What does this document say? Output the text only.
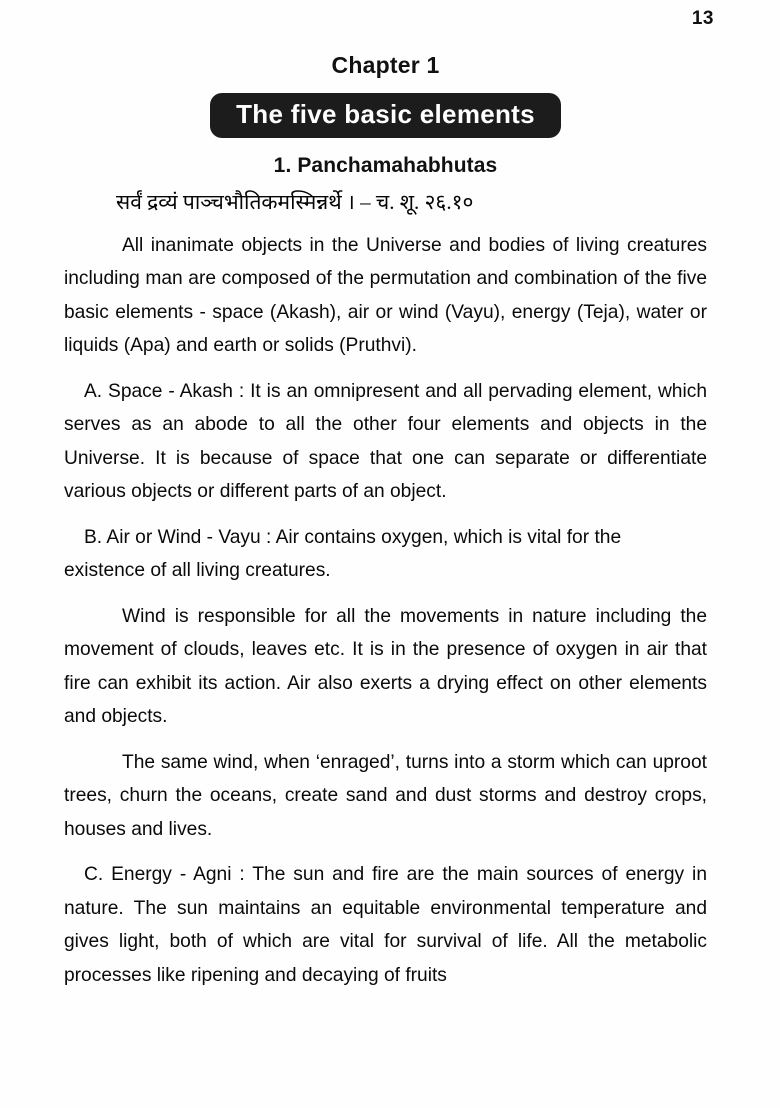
13
Chapter 1
The five basic elements
1. Panchamahabhutas
सर्वं द्रव्यं पाञ्चभौतिकमस्मिन्नर्थे । – च. शू. २६.१०

All inanimate objects in the Universe and bodies of living creatures including man are composed of the permutation and combination of the five basic elements - space (Akash), air or wind (Vayu), energy (Teja), water or liquids (Apa) and earth or solids (Pruthvi).

A. Space - Akash : It is an omnipresent and all pervading element, which serves as an abode to all the other four elements and objects in the Universe. It is because of space that one can separate or differentiate various objects or different parts of an object.

B. Air or Wind - Vayu : Air contains oxygen, which is vital for the existence of all living creatures.

Wind is responsible for all the movements in nature including the movement of clouds, leaves etc. It is in the presence of oxygen in air that fire can exhibit its action. Air also exerts a drying effect on other elements and objects.

The same wind, when ‘enraged’, turns into a storm which can uproot trees, churn the oceans, create sand and dust storms and destroy crops, houses and lives.

C. Energy - Agni : The sun and fire are the main sources of energy in nature. The sun maintains an equitable environmental temperature and gives light, both of which are vital for survival of life. All the metabolic processes like ripening and decaying of fruits
